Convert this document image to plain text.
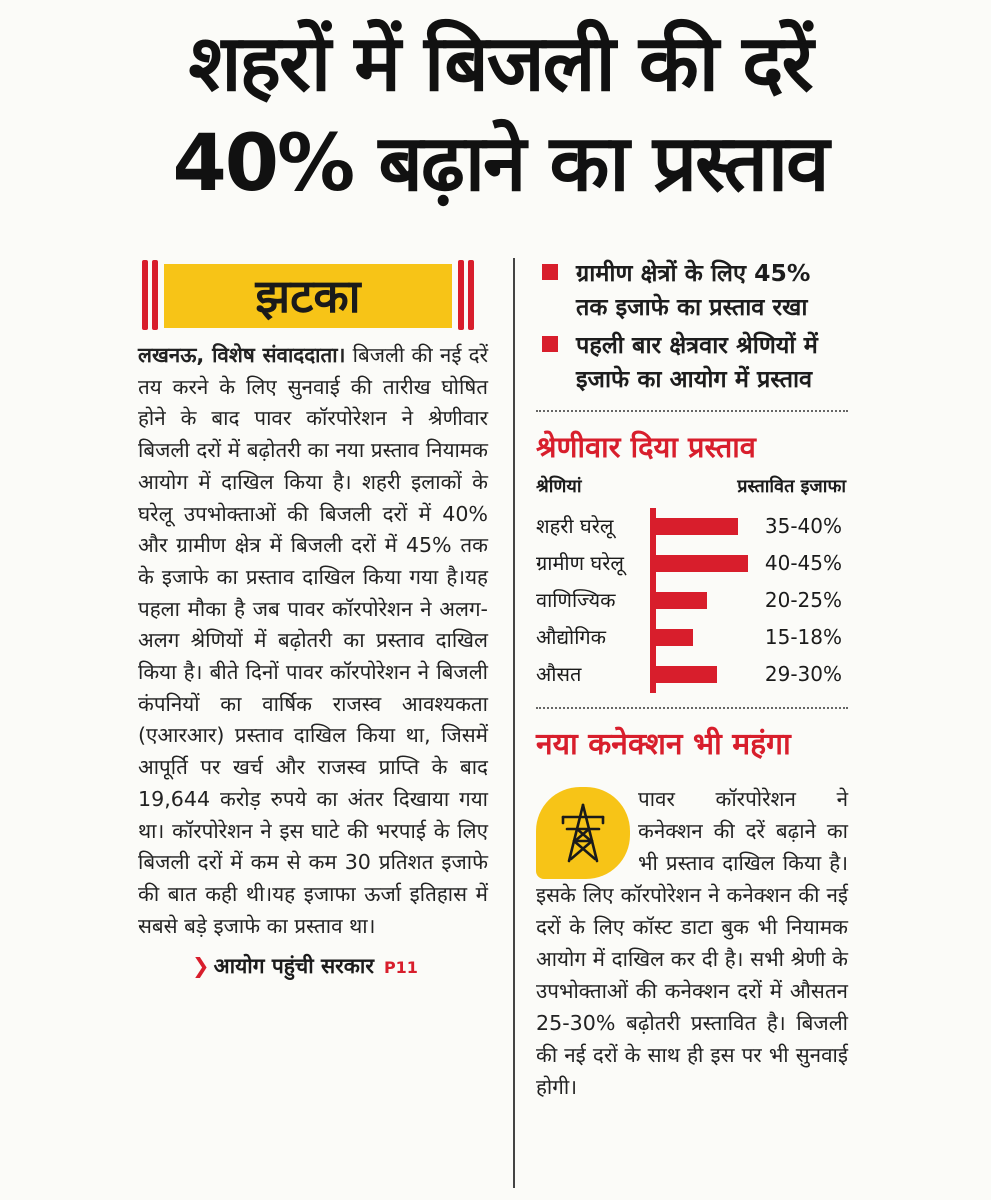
शहरों में बिजली की दरें
40% बढ़ाने का प्रस्ताव
झटका
लखनऊ, विशेष संवाददाता। बिजली की नई दरें तय करने के लिए सुनवाई की तारीख घोषित होने के बाद पावर कॉरपोरेशन ने श्रेणीवार बिजली दरों में बढ़ोतरी का नया प्रस्ताव नियामक आयोग में दाखिल किया है। शहरी इलाकों के घरेलू उपभोक्ताओं की बिजली दरों में 40% और ग्रामीण क्षेत्र में बिजली दरों में 45% तक के इजाफे का प्रस्ताव दाखिल किया गया है।यह पहला मौका है जब पावर कॉरपोरेशन ने अलग-अलग श्रेणियों में बढ़ोतरी का प्रस्ताव दाखिल किया है। बीते दिनों पावर कॉरपोरेशन ने बिजली कंपनियों का वार्षिक राजस्व आवश्यकता (एआरआर) प्रस्ताव दाखिल किया था, जिसमें आपूर्ति पर खर्च और राजस्व प्राप्ति के बाद 19,644 करोड़ रुपये का अंतर दिखाया गया था। कॉरपोरेशन ने इस घाटे की भरपाई के लिए बिजली दरों में कम से कम 30 प्रतिशत इजाफे की बात कही थी।यह इजाफा ऊर्जा इतिहास में सबसे बड़े इजाफे का प्रस्ताव था।
❯ आयोग पहुंची सरकार P11
ग्रामीण क्षेत्रों के लिए 45% तक इजाफे का प्रस्ताव रखा
पहली बार क्षेत्रवार श्रेणियों में इजाफे का आयोग में प्रस्ताव
श्रेणीवार दिया प्रस्ताव
श्रेणियां	प्रस्तावित इजाफा
शहरी घरेलू	35-40%
ग्रामीण घरेलू	40-45%
वाणिज्यिक	20-25%
औद्योगिक	15-18%
औसत	29-30%
नया कनेक्शन भी महंगा
पावर कॉरपोरेशन ने कनेक्शन की दरें बढ़ाने का भी प्रस्ताव दाखिल किया है। इसके लिए कॉरपोरेशन ने कनेक्शन की नई दरों के लिए कॉस्ट डाटा बुक भी नियामक आयोग में दाखिल कर दी है। सभी श्रेणी के उपभोक्ताओं की कनेक्शन दरों में औसतन 25-30% बढ़ोतरी प्रस्तावित है। बिजली की नई दरों के साथ ही इस पर भी सुनवाई होगी।
